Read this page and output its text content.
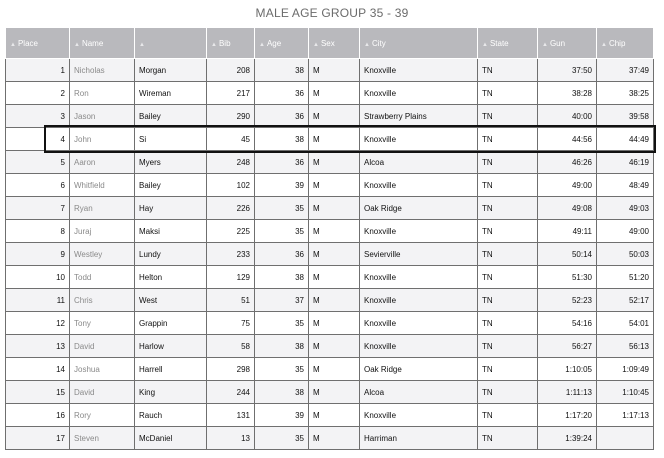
MALE AGE GROUP 35 - 39
▲ Place	▲ Name	▲	▲ Bib	▲ Age	▲ Sex	▲ City	▲ State	▲ Gun	▲ Chip
1	Nicholas	Morgan	208	38	M	Knoxville	TN	37:50	37:49
2	Ron	Wireman	217	36	M	Knoxville	TN	38:28	38:25
3	Jason	Bailey	290	36	M	Strawberry Plains	TN	40:00	39:58
4	John	Si	45	38	M	Knoxville	TN	44:56	44:49
5	Aaron	Myers	248	36	M	Alcoa	TN	46:26	46:19
6	Whitfield	Bailey	102	39	M	Knoxville	TN	49:00	48:49
7	Ryan	Hay	226	35	M	Oak Ridge	TN	49:08	49:03
8	Juraj	Maksi	225	35	M	Knoxville	TN	49:11	49:00
9	Westley	Lundy	233	36	M	Sevierville	TN	50:14	50:03
10	Todd	Helton	129	38	M	Knoxville	TN	51:30	51:20
11	Chris	West	51	37	M	Knoxville	TN	52:23	52:17
12	Tony	Grappin	75	35	M	Knoxville	TN	54:16	54:01
13	David	Harlow	58	38	M	Knoxville	TN	56:27	56:13
14	Joshua	Harrell	298	35	M	Oak Ridge	TN	1:10:05	1:09:49
15	David	King	244	38	M	Alcoa	TN	1:11:13	1:10:45
16	Rory	Rauch	131	39	M	Knoxville	TN	1:17:20	1:17:13
17	Steven	McDaniel	13	35	M	Harriman	TN	1:39:24	
